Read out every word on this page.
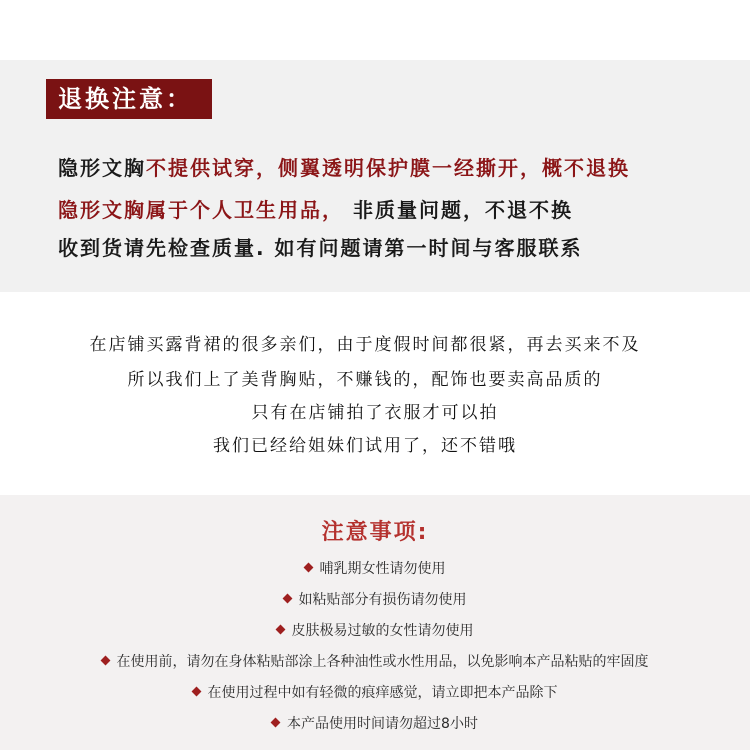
退换注意：
隐形文胸不提供试穿，侧翼透明保护膜一经撕开，概不退换
隐形文胸属于个人卫生用品， 非质量问题，不退不换
收到货请先检查质量. 如有问题请第一时间与客服联系
在店铺买露背裙的很多亲们，由于度假时间都很紧，再去买来不及
所以我们上了美背胸贴，不赚钱的，配饰也要卖高品质的
只有在店铺拍了衣服才可以拍
我们已经给姐妹们试用了，还不错哦
注意事项:
哺乳期女性请勿使用
如粘贴部分有损伤请勿使用
皮肤极易过敏的女性请勿使用
在使用前，请勿在身体粘贴部涂上各种油性或水性用品，以免影响本产品粘贴的牢固度
在使用过程中如有轻微的痕痒感觉，请立即把本产品除下
本产品使用时间请勿超过8小时
